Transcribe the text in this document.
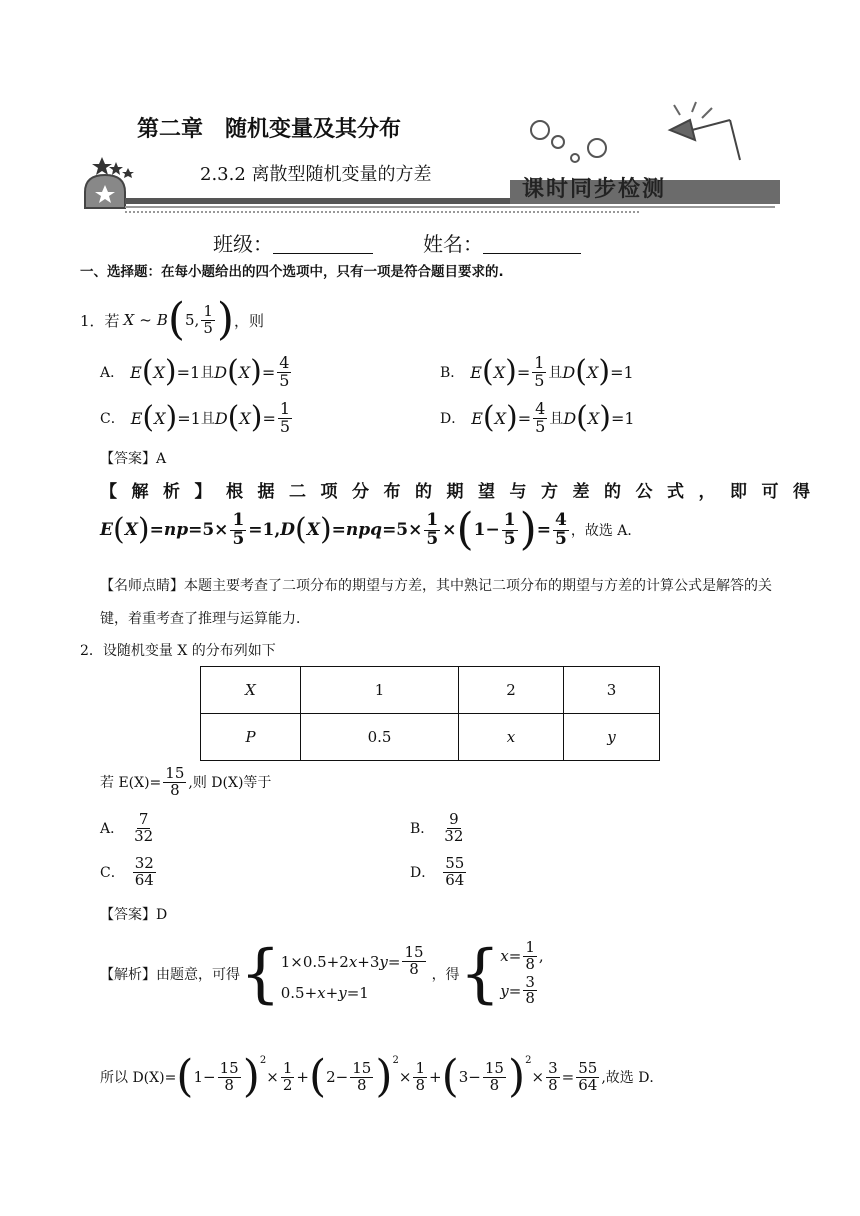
第二章　随机变量及其分布
2.3.2 离散型随机变量的方差
课时同步检测
班级：	姓名：
一、选择题：在每小题给出的四个选项中，只有一项是符合题目要求的.
1．若 X ~ B ( 5, $\frac{1}{5}$ ) ，则
A． E ( X ) =1 且 D ( X ) = $\frac{4}{5}$	B． E ( X ) = $\frac{1}{5}$ 且 D ( X ) =1
C． E ( X ) =1 且 D ( X ) = $\frac{1}{5}$	D． E ( X ) = $\frac{4}{5}$ 且 D ( X ) =1
【答案】A
【解析】根据二项分布的期望与方差的公式，即可得
E ( X ) = np $=5\times \frac{1}{5} =1$, D ( X ) = npq $=5\times \frac{1}{5}$ × ( $1- \frac{1}{5}$ ) = $\frac{4}{5}$ ，故选 A．
【名师点睛】本题主要考查了二项分布的期望与方差，其中熟记二项分布的期望与方差的计算公式是解答的关键，着重考查了推理与运算能力．
2．设随机变量 X 的分布列如下
X	1	2	3
P	0.5	x	y
若 $E(X)= \frac{15}{8}$ ,则 D(X)等于
A． $\frac{7}{32}$	B． $\frac{9}{32}$
C． $\frac{32}{64}$	D． $\frac{55}{64}$
【答案】D
【解析】由题意，可得 { 1×0.5+2 x +3 $y = \frac{15}{8}$
0.5+ x + y =1
，得 { $x = \frac{1}{8}$ ,
$y = \frac{3}{8}$
所以 D(X)= ( $1- \frac{15}{8} )^2$
× $\frac{1}{2}$ + ( $2- \frac{15}{8} )^2$
× $\frac{1}{8}$ + ( $3- \frac{15}{8} )^2$
× $\frac{3}{8} = \frac{55}{64}$ ,故选 D．
